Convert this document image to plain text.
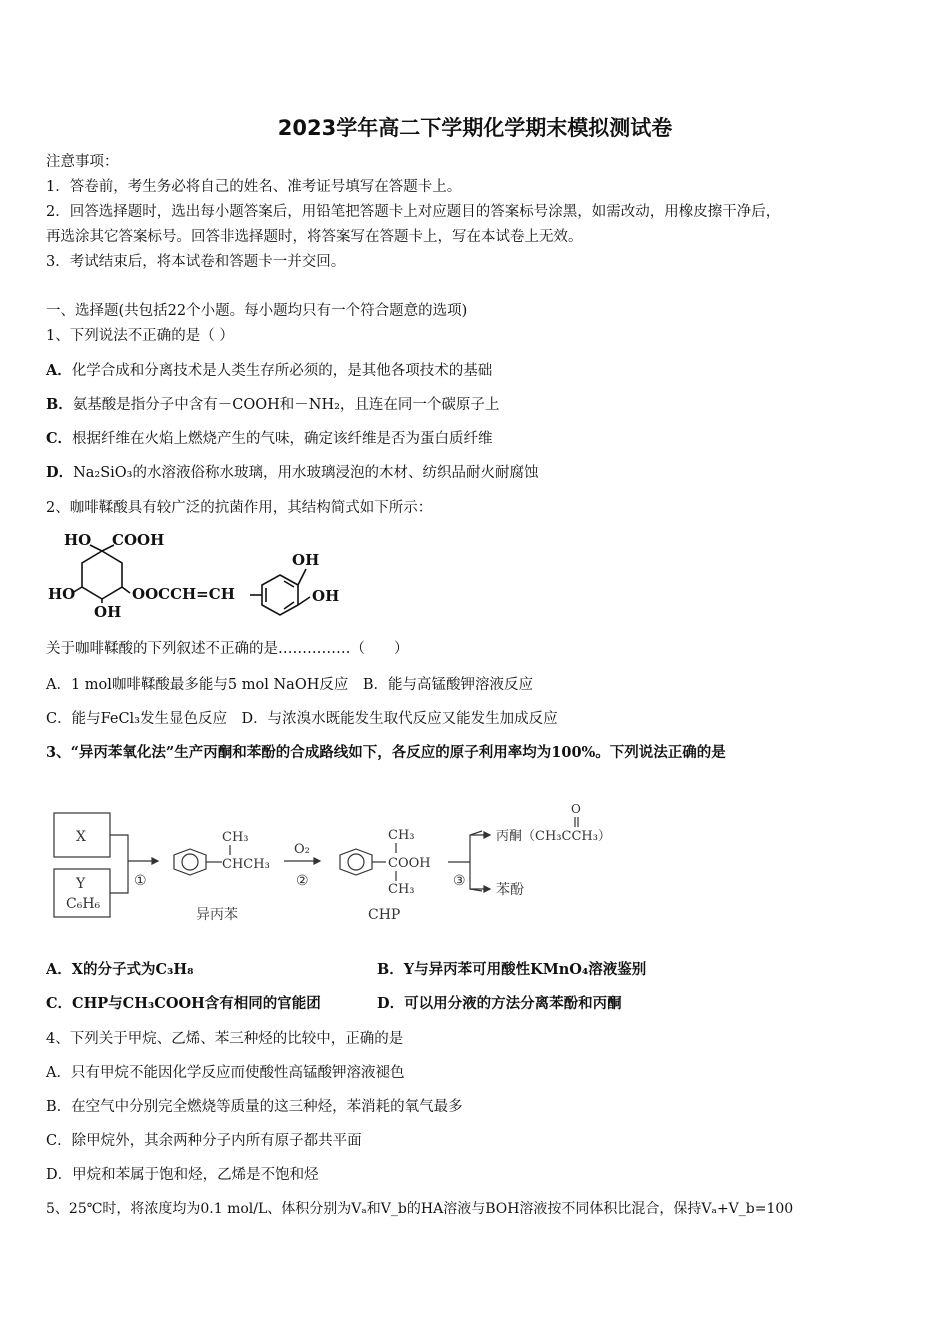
2023学年高二下学期化学期末模拟测试卷
注意事项：
1．答卷前，考生务必将自己的姓名、准考证号填写在答题卡上。
2．回答选择题时，选出每小题答案后，用铅笔把答题卡上对应题目的答案标号涂黑，如需改动，用橡皮擦干净后，
再选涂其它答案标号。回答非选择题时，将答案写在答题卡上，写在本试卷上无效。
3．考试结束后，将本试卷和答题卡一并交回。
一、选择题(共包括22个小题。每小题均只有一个符合题意的选项)
1、下列说法不正确的是（ ）
A．化学合成和分离技术是人类生存所必须的，是其他各项技术的基础
B．氨基酸是指分子中含有－COOH和－NH₂，且连在同一个碳原子上
C．根据纤维在火焰上燃烧产生的气味，确定该纤维是否为蛋白质纤维
D．Na₂SiO₃的水溶液俗称水玻璃，用水玻璃浸泡的木材、纺织品耐火耐腐蚀
2、咖啡鞣酸具有较广泛的抗菌作用，其结构简式如下所示：
HO COOH
HO
OH
OOCCH=CH
OH
OH
关于咖啡鞣酸的下列叙述不正确的是……………（　　）
A．1 mol咖啡鞣酸最多能与5 mol NaOH反应　B．能与高锰酸钾溶液反应
C．能与FeCl₃发生显色反应　D．与浓溴水既能发生取代反应又能发生加成反应
3、“异丙苯氧化法”生产丙酮和苯酚的合成路线如下，各反应的原子利用率均为100%。下列说法正确的是
X
Y
C₆H₆
①
CH₃
CHCH₃
异丙苯
O₂
②
CH₃
COOH
CH₃
CHP
③
O
丙酮（CH₃CCH₃）
苯酚
A．X的分子式为C₃H₈	B．Y与异丙苯可用酸性KMnO₄溶液鉴别
C．CHP与CH₃COOH含有相同的官能团	D．可以用分液的方法分离苯酚和丙酮
4、下列关于甲烷、乙烯、苯三种烃的比较中，正确的是
A．只有甲烷不能因化学反应而使酸性高锰酸钾溶液褪色
B．在空气中分别完全燃烧等质量的这三种烃，苯消耗的氧气最多
C．除甲烷外，其余两种分子内所有原子都共平面
D．甲烷和苯属于饱和烃，乙烯是不饱和烃
5、25℃时，将浓度均为0.1 mol/L、体积分别为Vₐ和V_b的HA溶液与BOH溶液按不同体积比混合，保持Vₐ+V_b=100
